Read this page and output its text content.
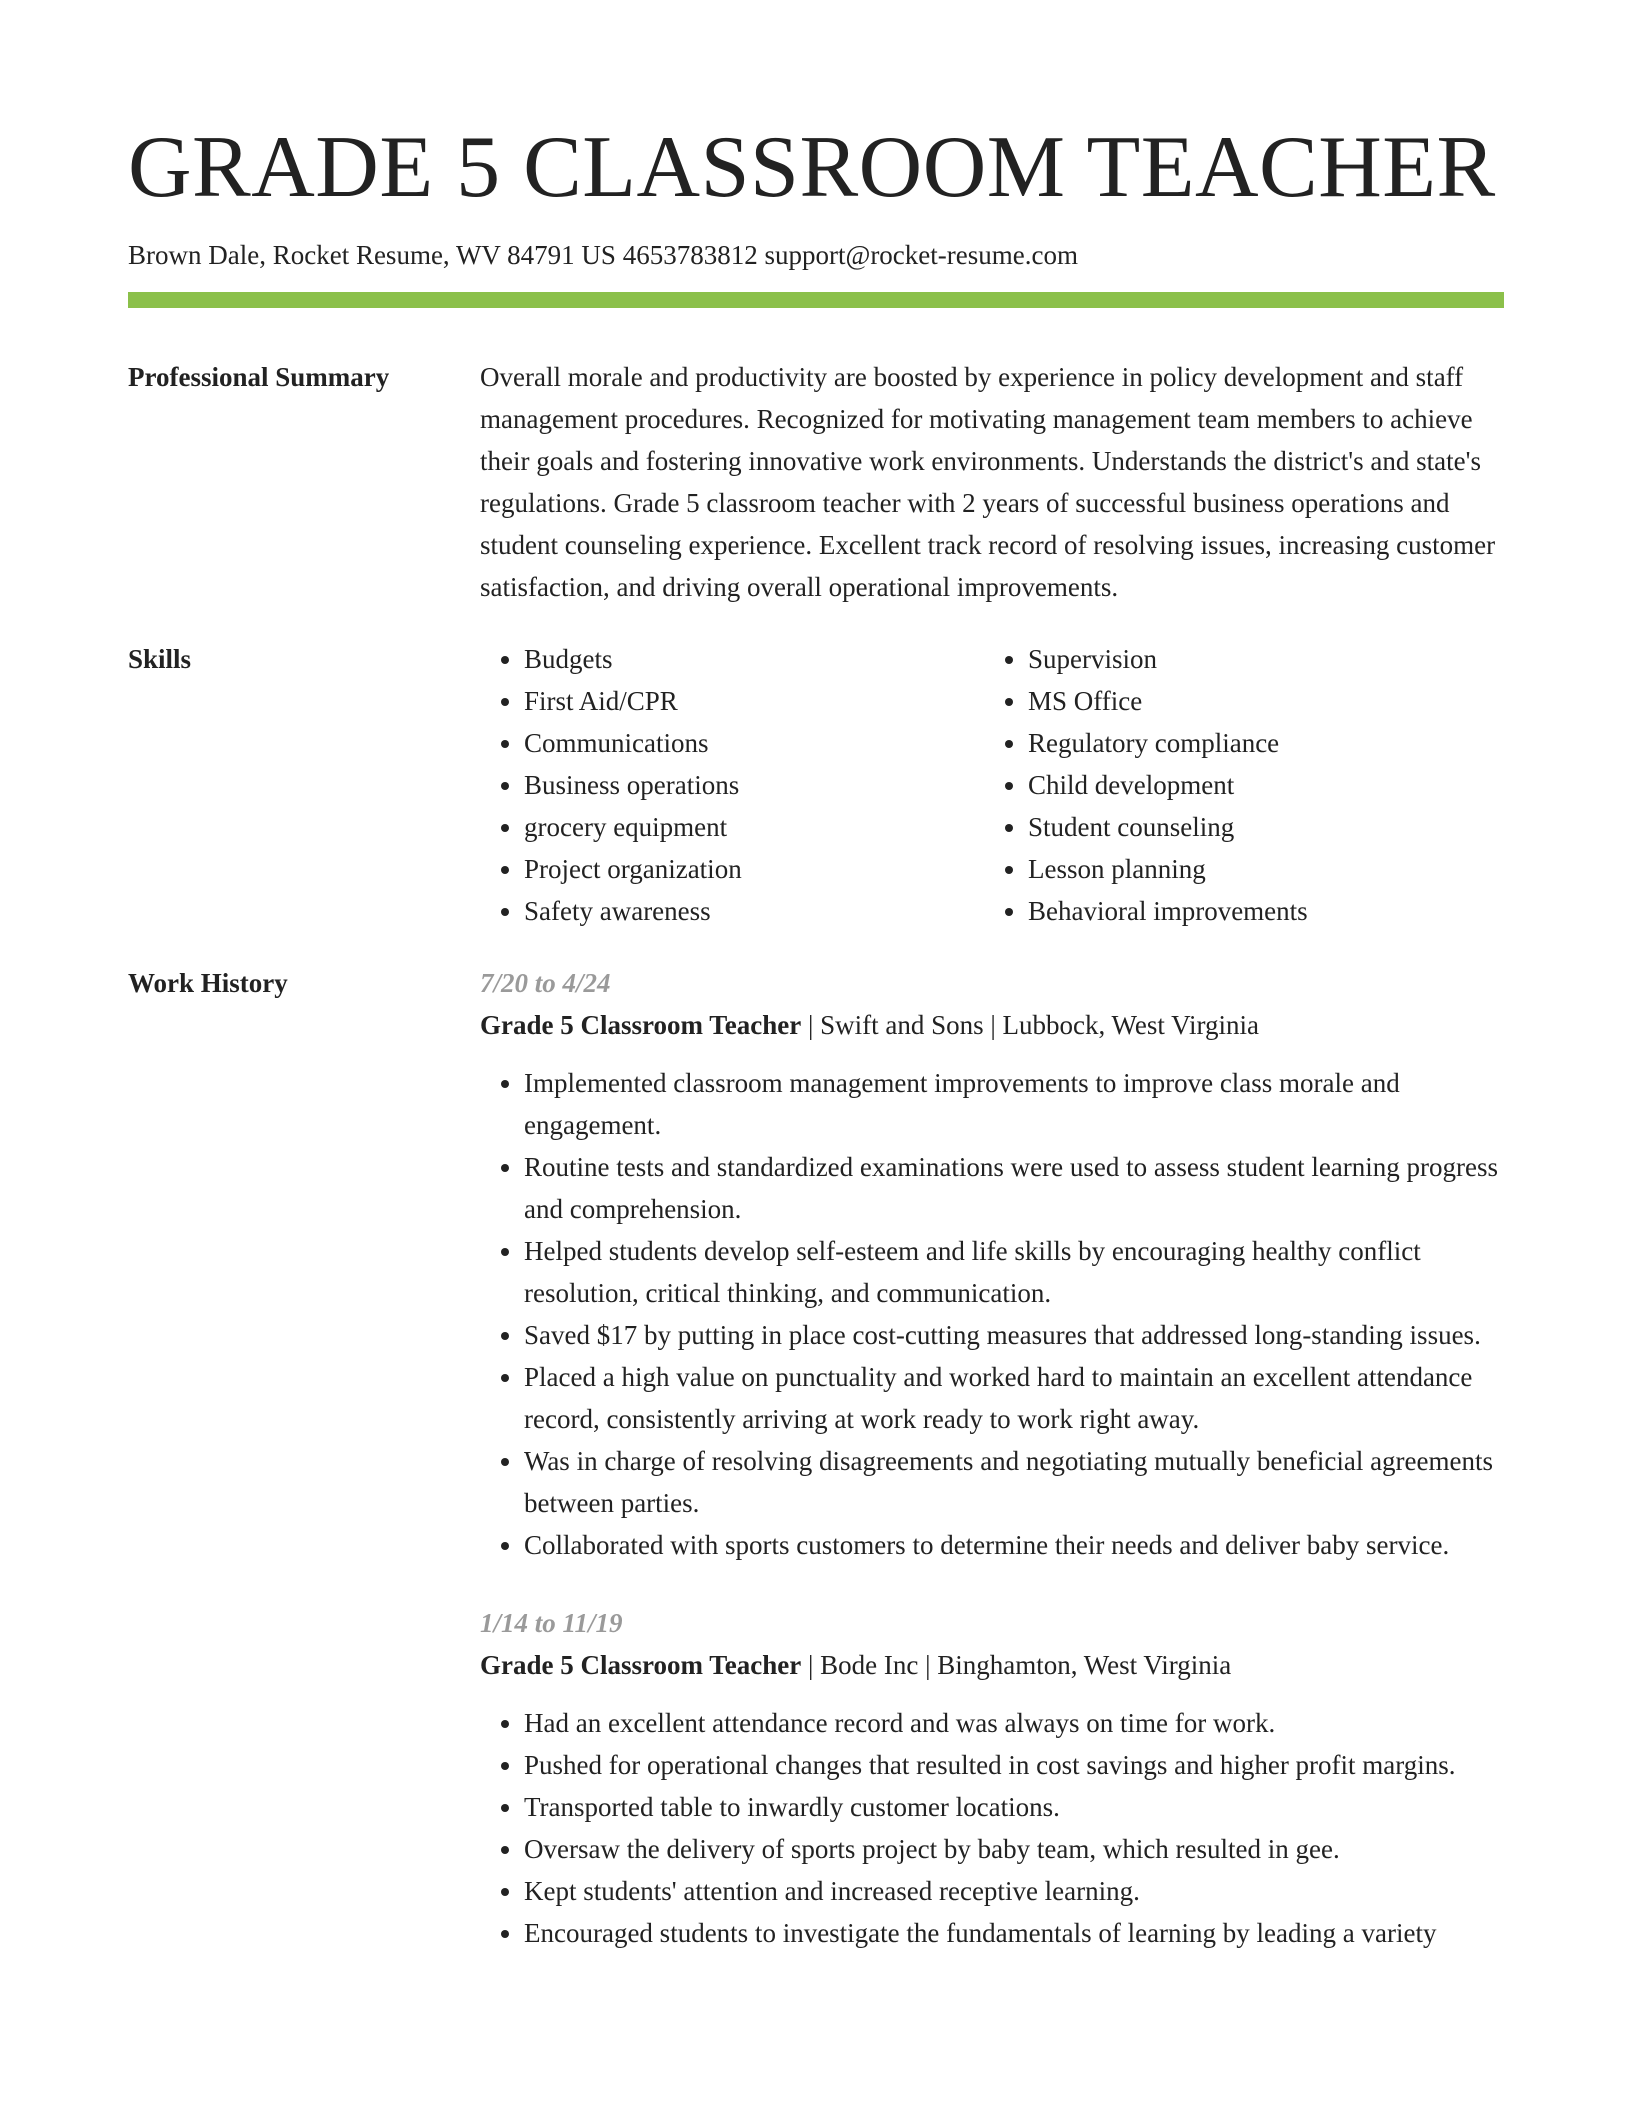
GRADE 5 CLASSROOM TEACHER
Brown Dale, Rocket Resume, WV 84791 US 4653783812 support@rocket-resume.com
Professional Summary	Overall morale and productivity are boosted by experience in policy development and staff management procedures. Recognized for motivating management team members to achieve their goals and fostering innovative work environments. Understands the district's and state's regulations. Grade 5 classroom teacher with 2 years of successful business operations and student counseling experience. Excellent track record of resolving issues, increasing customer satisfaction, and driving overall operational improvements.

Skills
•	Budgets
• First Aid/CPR
• Communications
• Business operations
• grocery equipment
• Project organization
• Safety awareness
• Supervision
• MS Office
• Regulatory compliance
• Child development
• Student counseling
• Lesson planning
• Behavioral improvements
Work History	7/20 to 4/24
Grade 5 Classroom Teacher | Swift and Sons | Lubbock, West Virginia
• Implemented classroom management improvements to improve class morale and engagement.
• Routine tests and standardized examinations were used to assess student learning progress and comprehension.
• Helped students develop self-esteem and life skills by encouraging healthy conflict resolution, critical thinking, and communication.
• Saved $17 by putting in place cost-cutting measures that addressed long-standing issues.
• Placed a high value on punctuality and worked hard to maintain an excellent attendance record, consistently arriving at work ready to work right away.
• Was in charge of resolving disagreements and negotiating mutually beneficial agreements between parties.
• Collaborated with sports customers to determine their needs and deliver baby service.
1/14 to 11/19
Grade 5 Classroom Teacher | Bode Inc | Binghamton, West Virginia
• Had an excellent attendance record and was always on time for work.
• Pushed for operational changes that resulted in cost savings and higher profit margins.
• Transported table to inwardly customer locations.
• Oversaw the delivery of sports project by baby team, which resulted in gee.
• Kept students' attention and increased receptive learning.
• Encouraged students to investigate the fundamentals of learning by leading a variety
